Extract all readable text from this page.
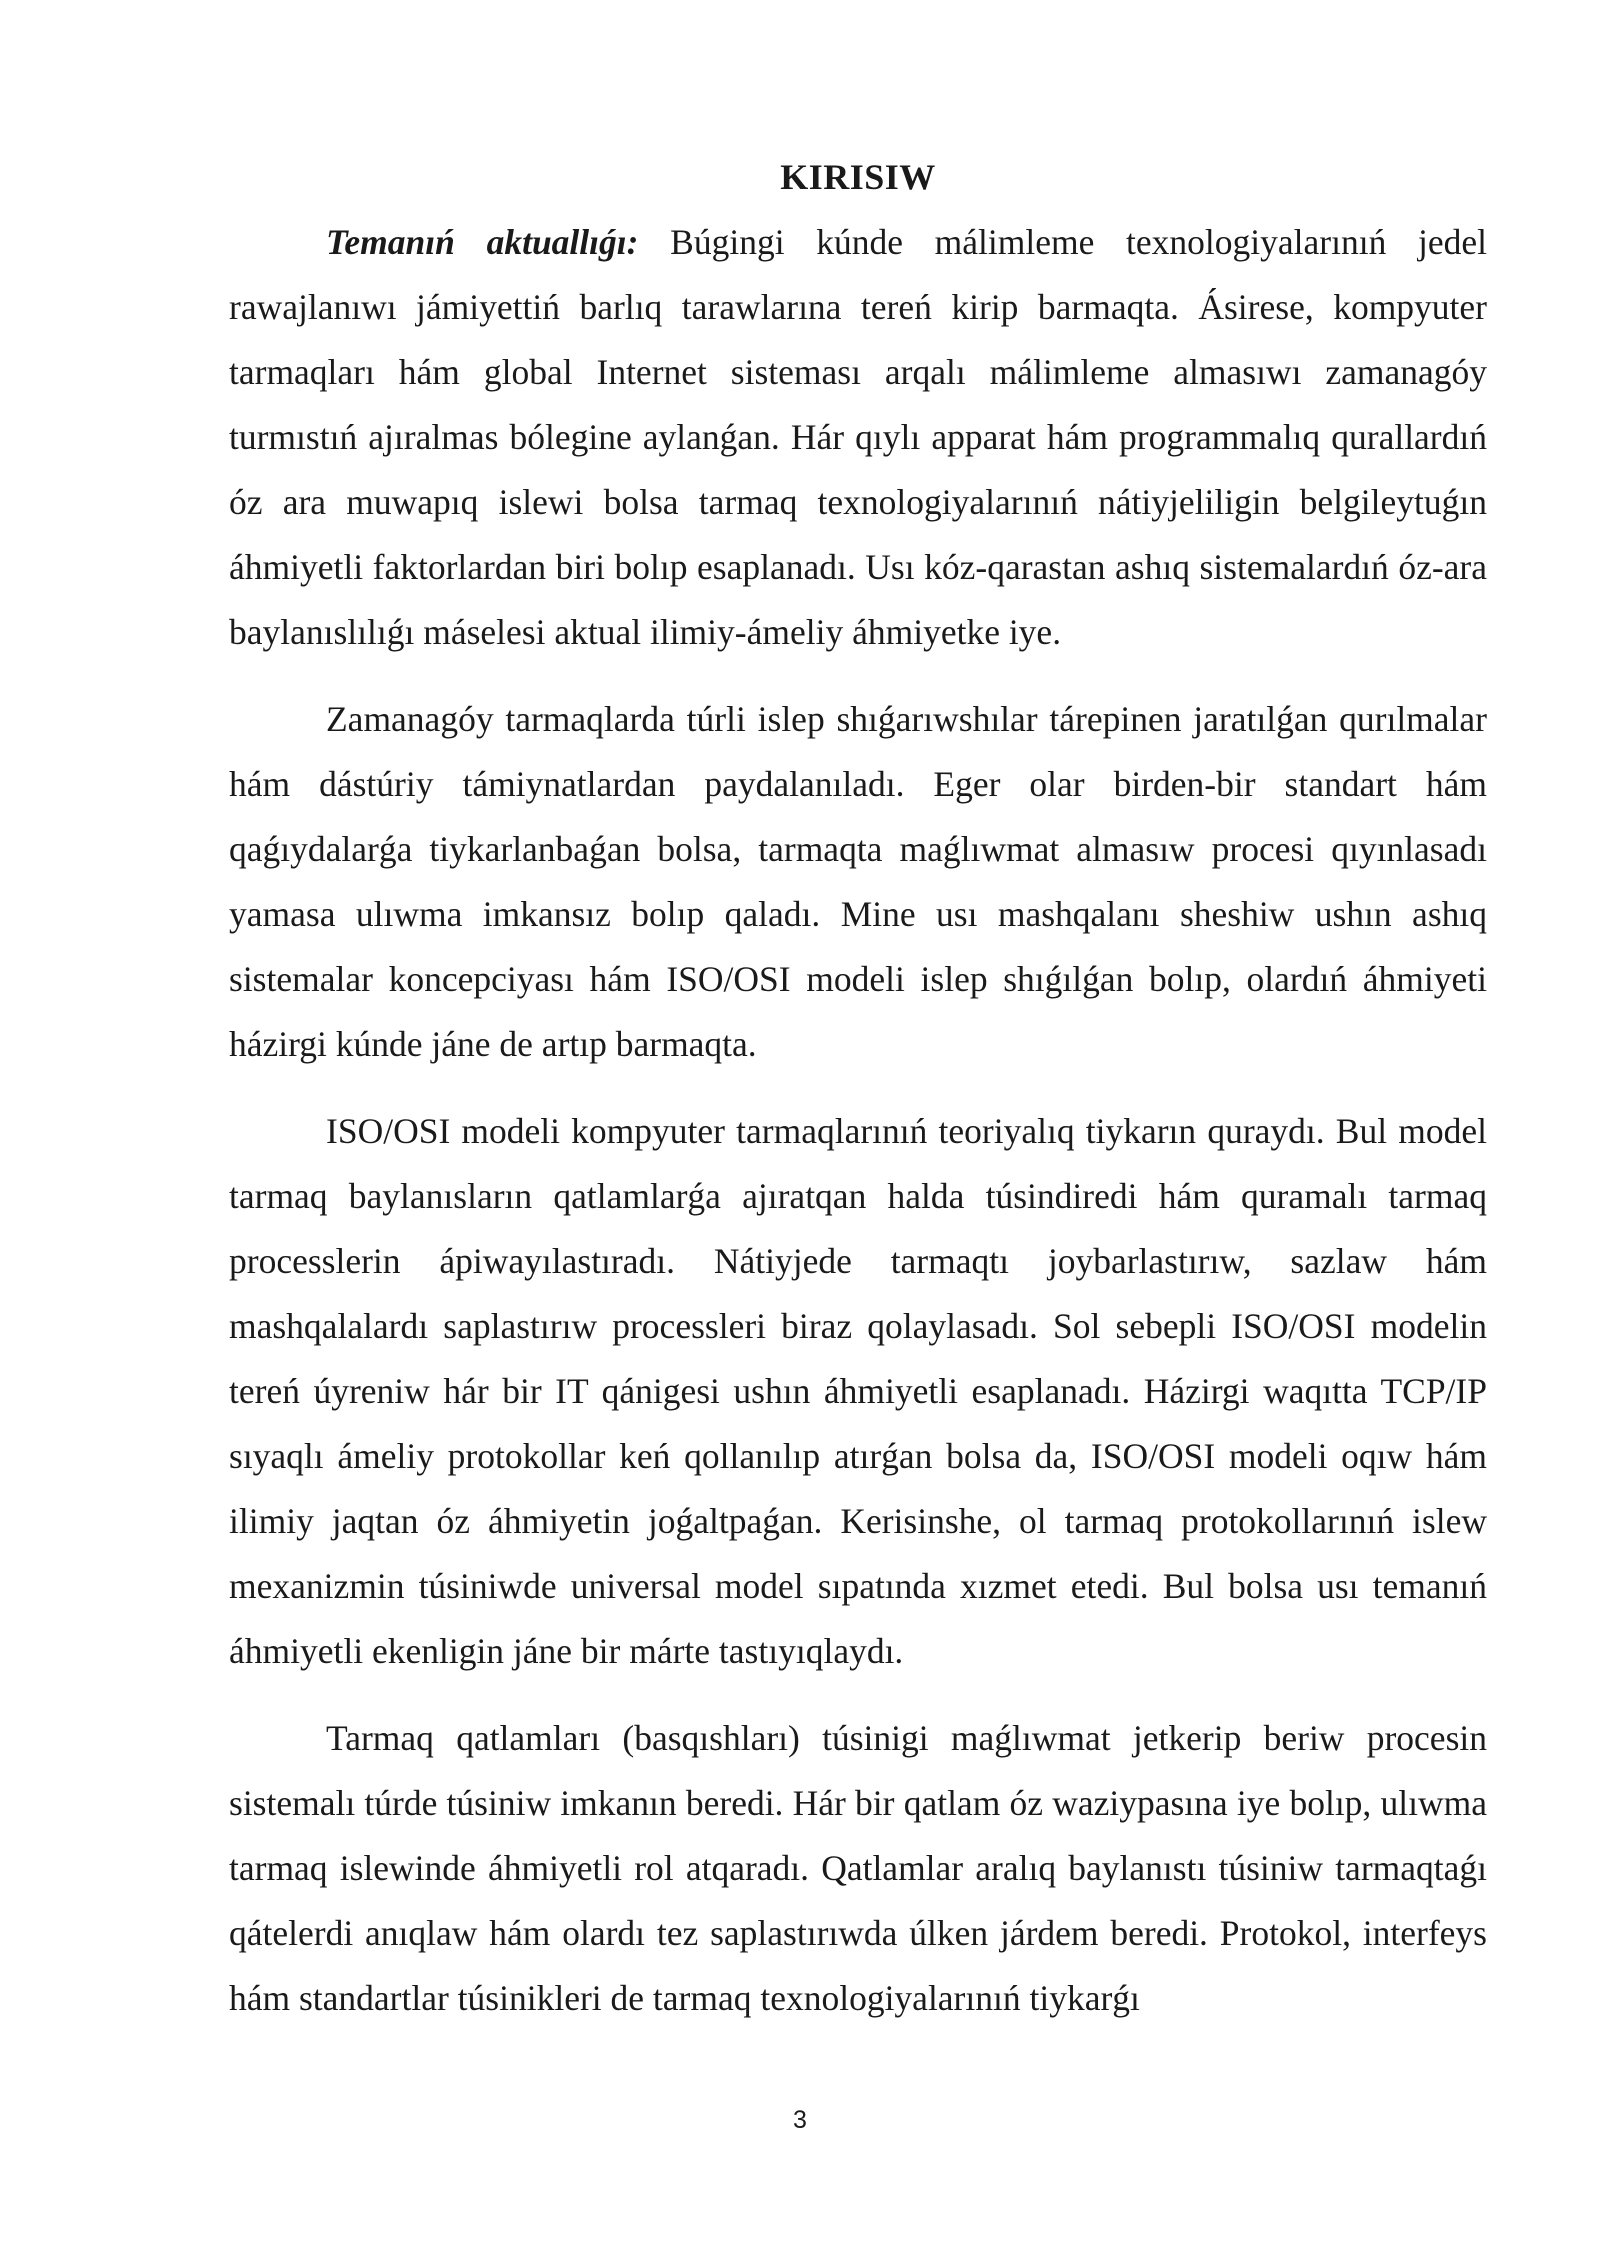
KIRISIW

Temanıń aktuallıǵı: Búgingi kúnde málimleme texnologiyalarınıń jedel rawajlanıwı jámiyettiń barlıq tarawlarına tereń kirip barmaqta. Ásirese, kompyuter tarmaqları hám global Internet sisteması arqalı málimleme almasıwı zamanagóy turmıstıń ajıralmas bólegine aylanǵan. Hár qıylı apparat hám programmalıq qurallardıń óz ara muwapıq islewi bolsa tarmaq texnologiyalarınıń nátiyjeliligin belgileytuǵın áhmiyetli faktorlardan biri bolıp esaplanadı. Usı kóz-qarastan ashıq sistemalardıń óz-ara baylanıslılıǵı máselesi aktual ilimiy-ámeliy áhmiyetke iye.

Zamanagóy tarmaqlarda túrli islep shıǵarıwshılar tárepinen jaratılǵan qurılmalar hám dástúriy támiynatlardan paydalanıladı. Eger olar birden-bir standart hám qaǵıydalarǵa tiykarlanbaǵan bolsa, tarmaqta maǵlıwmat almasıw procesi qıyınlasadı yamasa ulıwma imkansız bolıp qaladı. Mine usı mashqalanı sheshiw ushın ashıq sistemalar koncepciyası hám ISO/OSI modeli islep shıǵılǵan bolıp, olardıń áhmiyeti házirgi kúnde jáne de artıp barmaqta.

ISO/OSI modeli kompyuter tarmaqlarınıń teoriyalıq tiykarın quraydı. Bul model tarmaq baylanısların qatlamlarǵa ajıratqan halda túsindiredi hám quramalı tarmaq processlerin ápiwayılastıradı. Nátiyjede tarmaqtı joybarlastırıw, sazlaw hám mashqalalardı saplastırıw processleri biraz qolaylasadı. Sol sebepli ISO/OSI modelin tereń úyreniw hár bir IT qánigesi ushın áhmiyetli esaplanadı. Házirgi waqıtta TCP/IP sıyaqlı ámeliy protokollar keń qollanılıp atırǵan bolsa da, ISO/OSI modeli oqıw hám ilimiy jaqtan óz áhmiyetin joǵaltpaǵan. Kerisinshe, ol tarmaq protokollarınıń islew mexanizmin túsiniwde universal model sıpatında xızmet etedi. Bul bolsa usı temanıń áhmiyetli ekenligin jáne bir márte tastıyıqlaydı.

Tarmaq qatlamları (basqıshları) túsinigi maǵlıwmat jetkerip beriw procesin sistemalı túrde túsiniw imkanın beredi. Hár bir qatlam óz waziypasına iye bolıp, ulıwma tarmaq islewinde áhmiyetli rol atqaradı. Qatlamlar aralıq baylanıstı túsiniw tarmaqtaǵı qátelerdi anıqlaw hám olardı tez saplastırıwda úlken járdem beredi. Protokol, interfeys hám standartlar túsinikleri de tarmaq texnologiyalarınıń tiykarǵı

3
